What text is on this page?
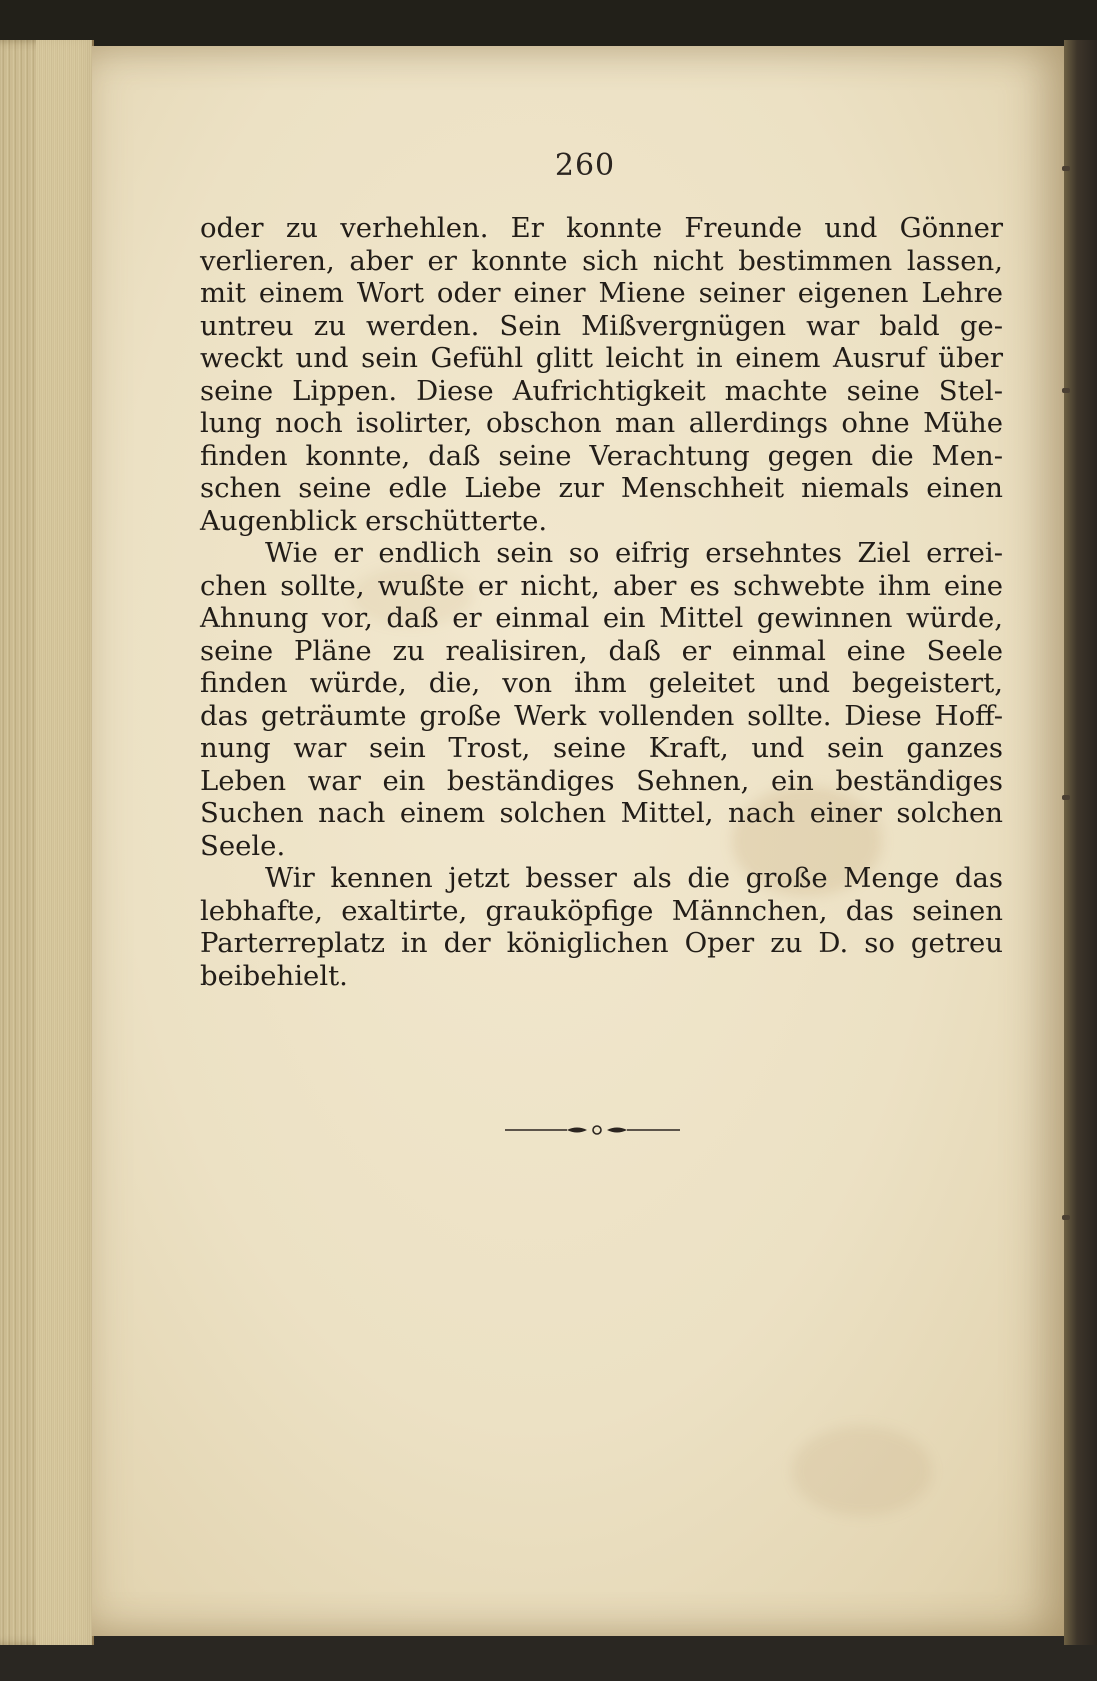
260
oder zu verhehlen. Er konnte Freunde und Gönner
verlieren, aber er konnte sich nicht bestimmen lassen,
mit einem Wort oder einer Miene seiner eigenen Lehre
untreu zu werden. Sein Mißvergnügen war bald ge-
weckt und sein Gefühl glitt leicht in einem Ausruf über
seine Lippen. Diese Aufrichtigkeit machte seine Stel-
lung noch isolirter, obschon man allerdings ohne Mühe
finden konnte, daß seine Verachtung gegen die Men-
schen seine edle Liebe zur Menschheit niemals einen
Augenblick erschütterte.
Wie er endlich sein so eifrig ersehntes Ziel errei-
chen sollte, wußte er nicht, aber es schwebte ihm eine
Ahnung vor, daß er einmal ein Mittel gewinnen würde,
seine Pläne zu realisiren, daß er einmal eine Seele
finden würde, die, von ihm geleitet und begeistert,
das geträumte große Werk vollenden sollte. Diese Hoff-
nung war sein Trost, seine Kraft, und sein ganzes
Leben war ein beständiges Sehnen, ein beständiges
Suchen nach einem solchen Mittel, nach einer solchen
Seele.
Wir kennen jetzt besser als die große Menge das
lebhafte, exaltirte, grauköpfige Männchen, das seinen
Parterreplatz in der königlichen Oper zu D. so getreu
beibehielt.
